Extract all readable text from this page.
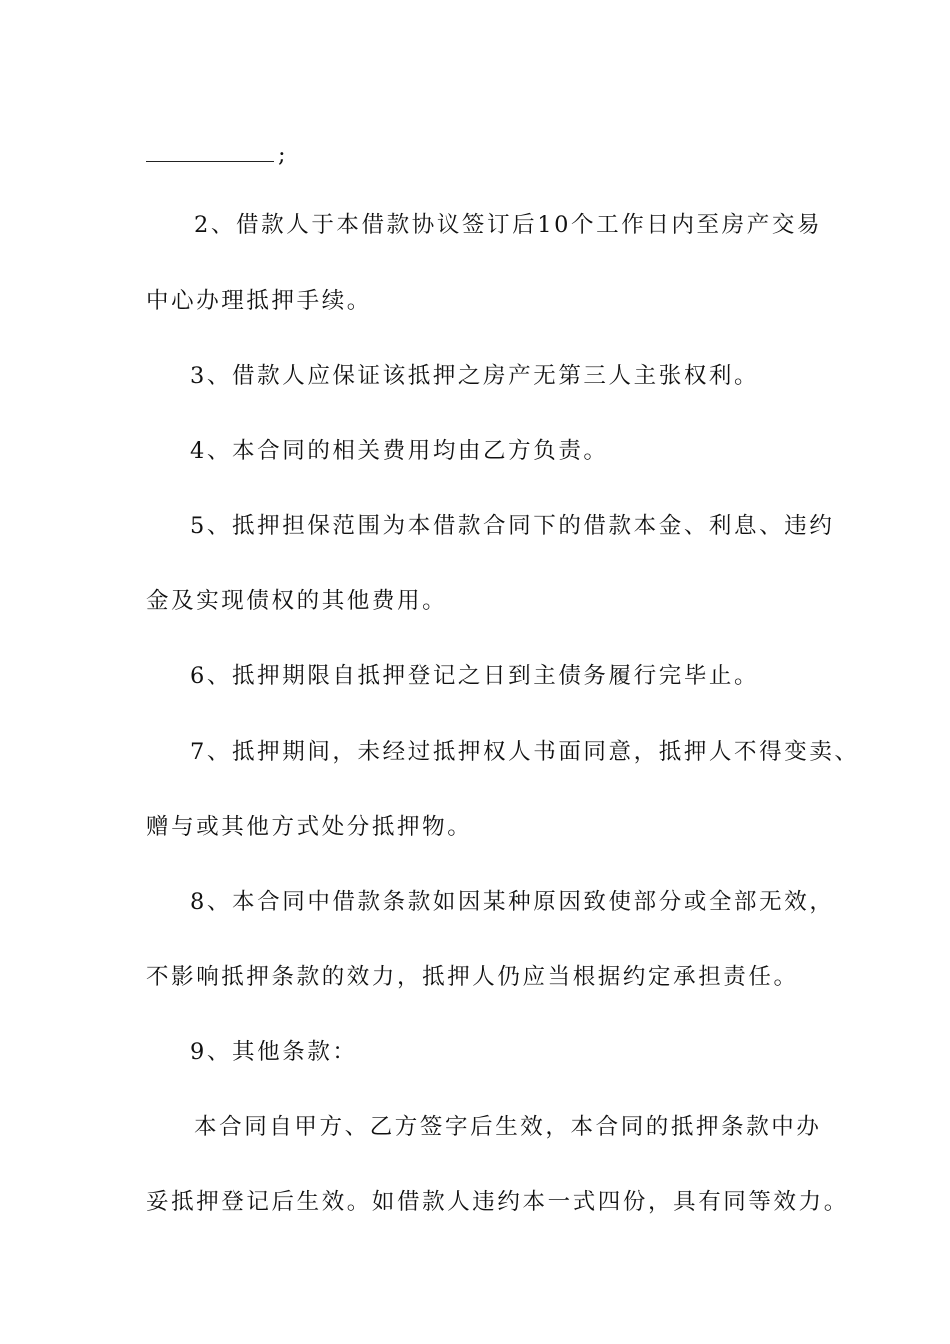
;
2、借款人于本借款协议签订后10个工作日内至房产交易
中心办理抵押手续。
3、借款人应保证该抵押之房产无第三人主张权利。
4、本合同的相关费用均由乙方负责。
5、抵押担保范围为本借款合同下的借款本金、利息、违约
金及实现债权的其他费用。
6、抵押期限自抵押登记之日到主债务履行完毕止。
7、抵押期间，未经过抵押权人书面同意，抵押人不得变卖、
赠与或其他方式处分抵押物。
8、本合同中借款条款如因某种原因致使部分或全部无效，
不影响抵押条款的效力，抵押人仍应当根据约定承担责任。
9、其他条款：
本合同自甲方、乙方签字后生效，本合同的抵押条款中办
妥抵押登记后生效。如借款人违约本一式四份，具有同等效力。
